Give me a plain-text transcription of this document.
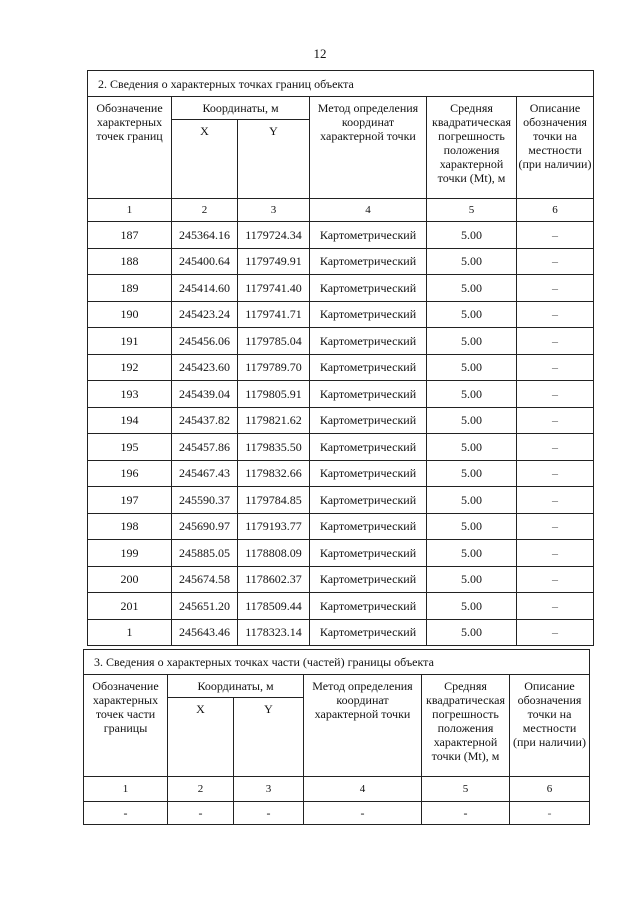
12
2. Сведения о характерных точках границ объекта					
Обозначение характерных точек границ	Координаты, м		Метод определения координат характерной точки	Средняя квадратическая погрешность положения характерной точки (Mt), м	Описание обозначения точки на местности (при наличии)
	X	Y			
1	2	3	4	5	6
187	245364.16	1179724.34	Картометрический	5.00	–
188	245400.64	1179749.91	Картометрический	5.00	–
189	245414.60	1179741.40	Картометрический	5.00	–
190	245423.24	1179741.71	Картометрический	5.00	–
191	245456.06	1179785.04	Картометрический	5.00	–
192	245423.60	1179789.70	Картометрический	5.00	–
193	245439.04	1179805.91	Картометрический	5.00	–
194	245437.82	1179821.62	Картометрический	5.00	–
195	245457.86	1179835.50	Картометрический	5.00	–
196	245467.43	1179832.66	Картометрический	5.00	–
197	245590.37	1179784.85	Картометрический	5.00	–
198	245690.97	1179193.77	Картометрический	5.00	–
199	245885.05	1178808.09	Картометрический	5.00	–
200	245674.58	1178602.37	Картометрический	5.00	–
201	245651.20	1178509.44	Картометрический	5.00	–
1	245643.46	1178323.14	Картометрический	5.00	–
3. Сведения о характерных точках части (частей) границы объекта					
Обозначение характерных точек части границы	Координаты, м		Метод определения координат характерной точки	Средняя квадратическая погрешность положения характерной точки (Mt), м	Описание обозначения точки на местности (при наличии)
	X	Y			
1	2	3	4	5	6
-	-	-	-	-	-
